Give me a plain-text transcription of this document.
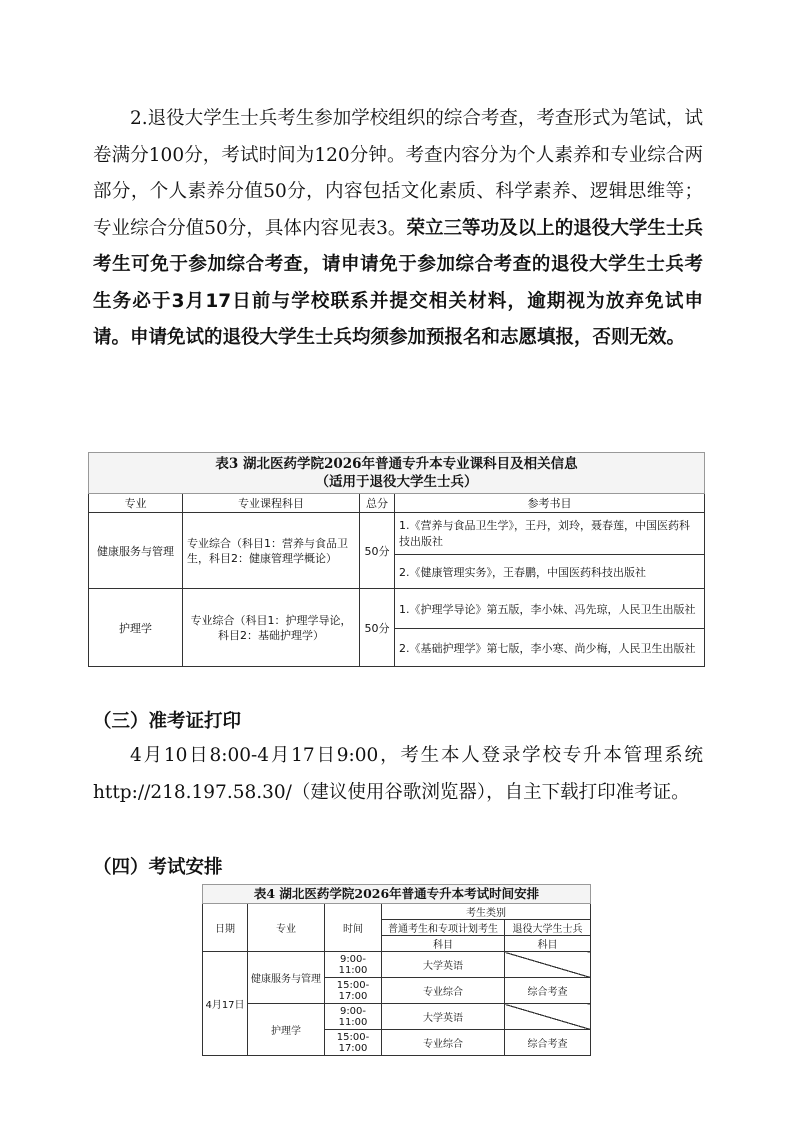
2.退役大学生士兵考生参加学校组织的综合考查，考查形式为笔试，试卷满分100分，考试时间为120分钟。考查内容分为个人素养和专业综合两部分，个人素养分值50分，内容包括文化素质、科学素养、逻辑思维等；专业综合分值50分，具体内容见表3。荣立三等功及以上的退役大学生士兵考生可免于参加综合考查，请申请免于参加综合考查的退役大学生士兵考生务必于3月17日前与学校联系并提交相关材料，逾期视为放弃免试申请。申请免试的退役大学生士兵均须参加预报名和志愿填报，否则无效。
表3 湖北医药学院2026年普通专升本专业课科目及相关信息
（适用于退役大学生士兵）			

专业	专业课程科目	总分	参考书目
健康服务与管理	专业综合（科目1：营养与食品卫生，科目2：健康管理学概论）	50分	1.《营养与食品卫生学》，王丹，刘玲，聂春莲，中国医药科技出版社
			2.《健康管理实务》，王春鹏，中国医药科技出版社
护理学	专业综合（科目1：护理学导论，科目2：基础护理学）	50分	1.《护理学导论》第五版，李小妹、冯先琼，人民卫生出版社
			2.《基础护理学》第七版，李小寒、尚少梅，人民卫生出版社
（三）准考证打印
4月10日8:00-4月17日9:00，考生本人登录学校专升本管理系统http://218.197.58.30/（建议使用谷歌浏览器），自主下载打印准考证。
（四）考试安排
表4 湖北医药学院2026年普通专升本考试时间安排				
日期	专业	时间	考生类别	
			普通考生和专项计划考生	退役大学生士兵
			科目	科目
4月17日	健康服务与管理	9:00-11:00	大学英语	
		15:00-17:00	专业综合	综合考查
	护理学	9:00-11:00	大学英语	
		15:00-17:00	专业综合	综合考查
